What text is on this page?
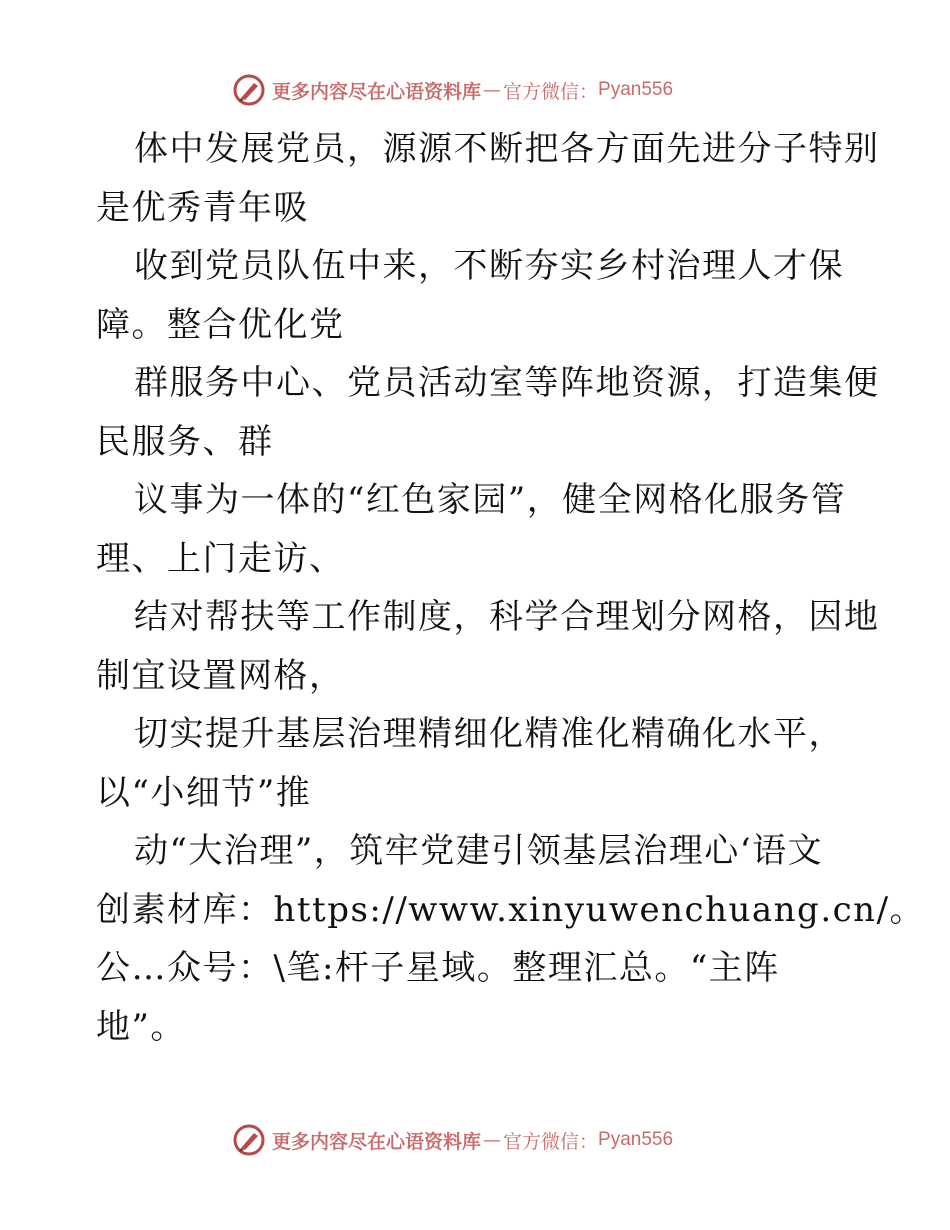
更多内容尽在心语资料库 — 官方微信： Pyan556
体中发展党员，源源不断把各方面先进分子特别
是优秀青年吸
收到党员队伍中来，不断夯实乡村治理人才保
障。整合优化党
群服务中心、党员活动室等阵地资源，打造集便
民服务、群
议事为一体的“红色家园”，健全网格化服务管
理、上门走访、
结对帮扶等工作制度，科学合理划分网格，因地
制宜设置网格，
切实提升基层治理精细化精准化精确化水平，
以“小细节”推
动“大治理”，筑牢党建引领基层治理心‘语文
创素材库：https://www.xinyuwenchuang.cn/。
公…众号：\笔:杆子星域。整理汇总。“主阵
地”。
更多内容尽在心语资料库 — 官方微信： Pyan556
